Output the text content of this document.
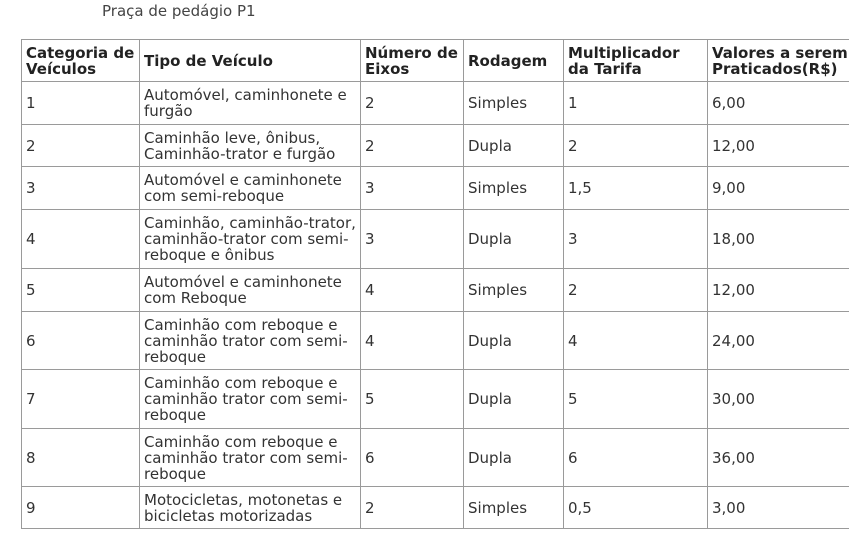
Praça de pedágio P1
Categoria de Veículos	Tipo de Veículo	Número de Eixos	Rodagem	Multiplicador da Tarifa	Valores a serem Praticados(R$)
1	Automóvel, caminhonete e furgão	2	Simples	1	6,00
2	Caminhão leve, ônibus, Caminhão-trator e furgão	2	Dupla	2	12,00
3	Automóvel e caminhonete com semi-reboque	3	Simples	1,5	9,00
4	Caminhão, caminhão-trator, caminhão-trator com semi-reboque e ônibus	3	Dupla	3	18,00
5	Automóvel e caminhonete com Reboque	4	Simples	2	12,00
6	Caminhão com reboque e caminhão trator com semi-reboque	4	Dupla	4	24,00
7	Caminhão com reboque e caminhão trator com semi-reboque	5	Dupla	5	30,00
8	Caminhão com reboque e caminhão trator com semi-reboque	6	Dupla	6	36,00
9	Motocicletas, motonetas e bicicletas motorizadas	2	Simples	0,5	3,00
